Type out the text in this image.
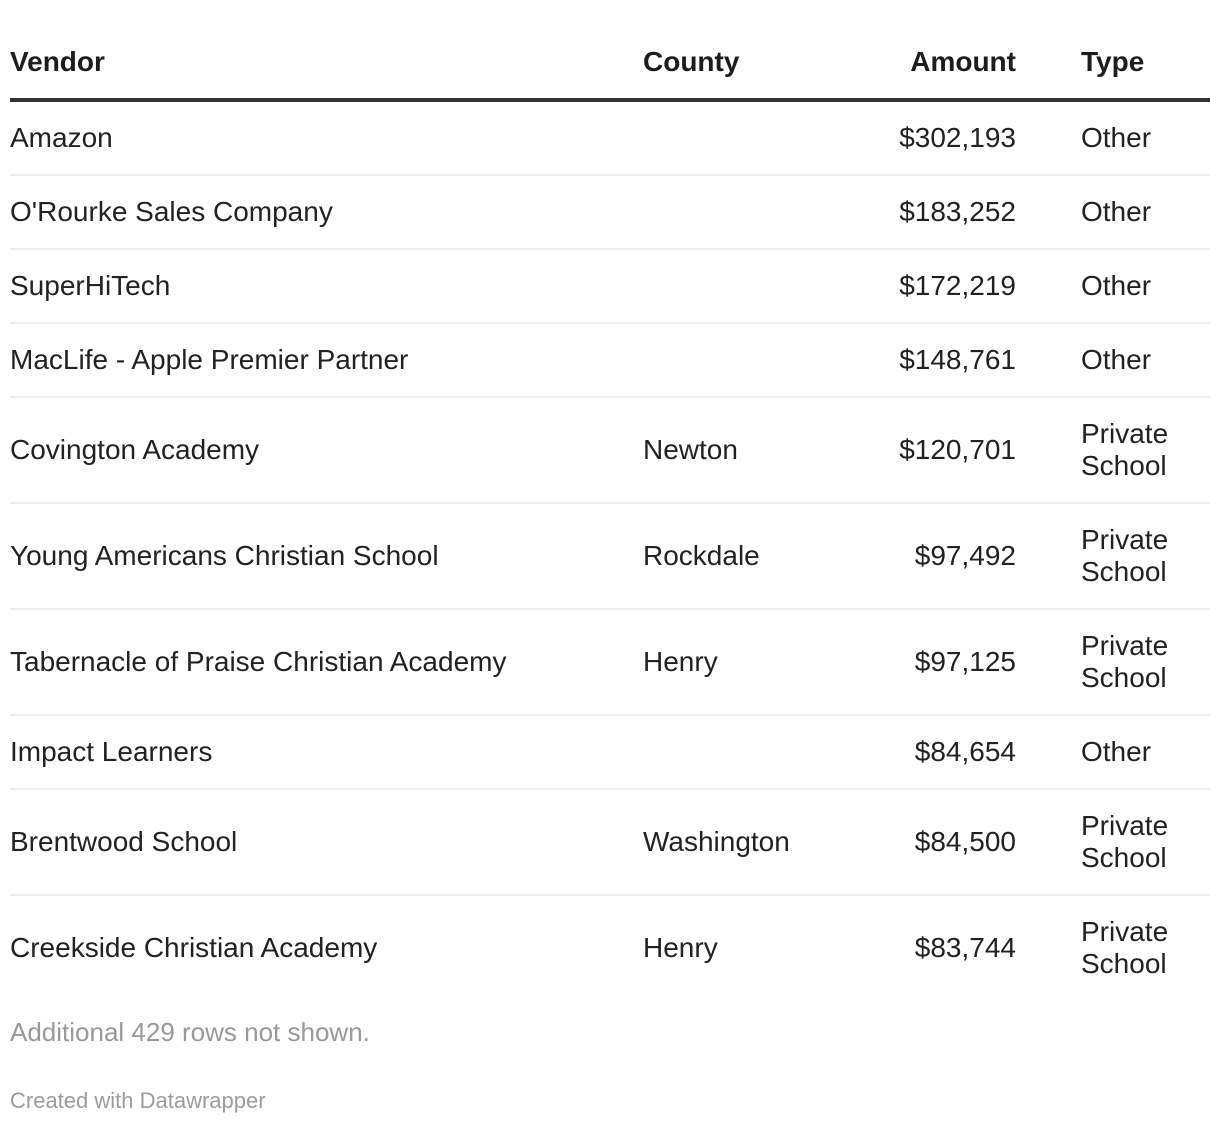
Vendor	County	Amount	Type
Amazon		$302,193	Other
O'Rourke Sales Company		$183,252	Other
SuperHiTech		$172,219	Other
MacLife - Apple Premier Partner		$148,761	Other
Covington Academy	Newton	$120,701	Private School
Young Americans Christian School	Rockdale	$97,492	Private School
Tabernacle of Praise Christian Academy	Henry	$97,125	Private School
Impact Learners		$84,654	Other
Brentwood School	Washington	$84,500	Private School
Creekside Christian Academy	Henry	$83,744	Private School

Additional 429 rows not shown.

Created with Datawrapper
